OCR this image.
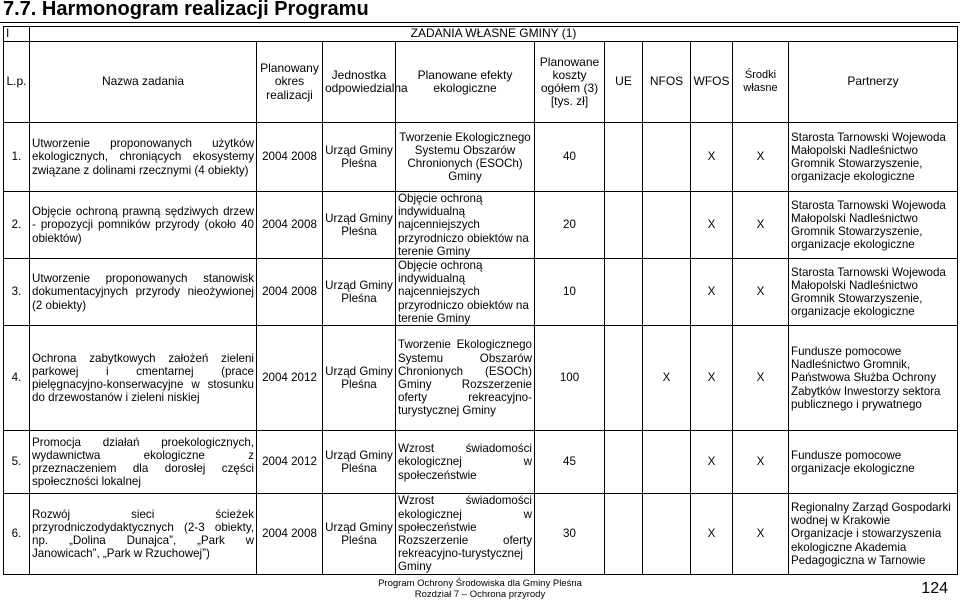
7.7. Harmonogram realizacji Programu
I	ZADANIA WŁASNE GMINY (1)									
L.p.	Nazwa zadania	Planowany okres realizacji	Jednostka odpowiedzialna	Planowane efekty ekologiczne	Planowane koszty ogółem (3) [tys. zł]	UE	NFOS	WFOS	Środki własne	Partnerzy
1.	Utworzenie proponowanych użytków ekologicznych, chroniących ekosystemy związane z dolinami rzecznymi (4 obiekty)	2004 2008	Urząd Gminy Pleśna	Tworzenie Ekologicznego Systemu Obszarów Chronionych (ESOCh) Gminy	40			X	X	Starosta Tarnowski Wojewoda Małopolski Nadleśnictwo Gromnik Stowarzyszenie, organizacje ekologiczne
2.	Objęcie ochroną prawną sędziwych drzew - propozycji pomników przyrody (około 40 obiektów)	2004 2008	Urząd Gminy Pleśna	Objęcie ochroną indywidualną najcenniejszych przyrodniczo obiektów na terenie Gminy	20			X	X	Starosta Tarnowski Wojewoda Małopolski Nadleśnictwo Gromnik Stowarzyszenie, organizacje ekologiczne
3.	Utworzenie proponowanych stanowisk dokumentacyjnych przyrody nieożywionej (2 obiekty)	2004 2008	Urząd Gminy Pleśna	Objęcie ochroną indywidualną najcenniejszych przyrodniczo obiektów na terenie Gminy	10			X	X	Starosta Tarnowski Wojewoda Małopolski Nadleśnictwo Gromnik Stowarzyszenie, organizacje ekologiczne
4.	Ochrona zabytkowych założeń zieleni parkowej i cmentarnej (prace pielęgnacyjno-konserwacyjne w stosunku do drzewostanów i zieleni niskiej	2004 2012	Urząd Gminy Pleśna	Tworzenie Ekologicznego Systemu Obszarów Chronionych (ESOCh) Gminy Rozszerzenie oferty rekreacyjno-turystycznej Gminy	100		X	X	X	Fundusze pomocowe Nadleśnictwo Gromnik, Państwowa Służba Ochrony Zabytków Inwestorzy sektora publicznego i prywatnego
5.	Promocja działań proekologicznych, wydawnictwa ekologiczne z przeznaczeniem dla dorosłej części społeczności lokalnej	2004 2012	Urząd Gminy Pleśna	Wzrost świadomości ekologicznej w społeczeństwie	45			X	X	Fundusze pomocowe organizacje ekologiczne
6.	Rozwój sieci ścieżek przyrodniczodydaktycznych (2-3 obiekty, np. „Dolina Dunajca”, „Park w Janowicach”, „Park w Rzuchowej”)	2004 2008	Urząd Gminy Pleśna	Wzrost świadomości ekologicznej w społeczeństwie Rozszerzenie oferty rekreacyjno-turystycznej Gminy	30			X	X	Regionalny Zarząd Gospodarki wodnej w Krakowie Organizacje i stowarzyszenia ekologiczne Akademia Pedagogiczna w Tarnowie
Program Ochrony Środowiska dla Gminy Pleśna
Rozdział 7 – Ochrona przyrody	124
